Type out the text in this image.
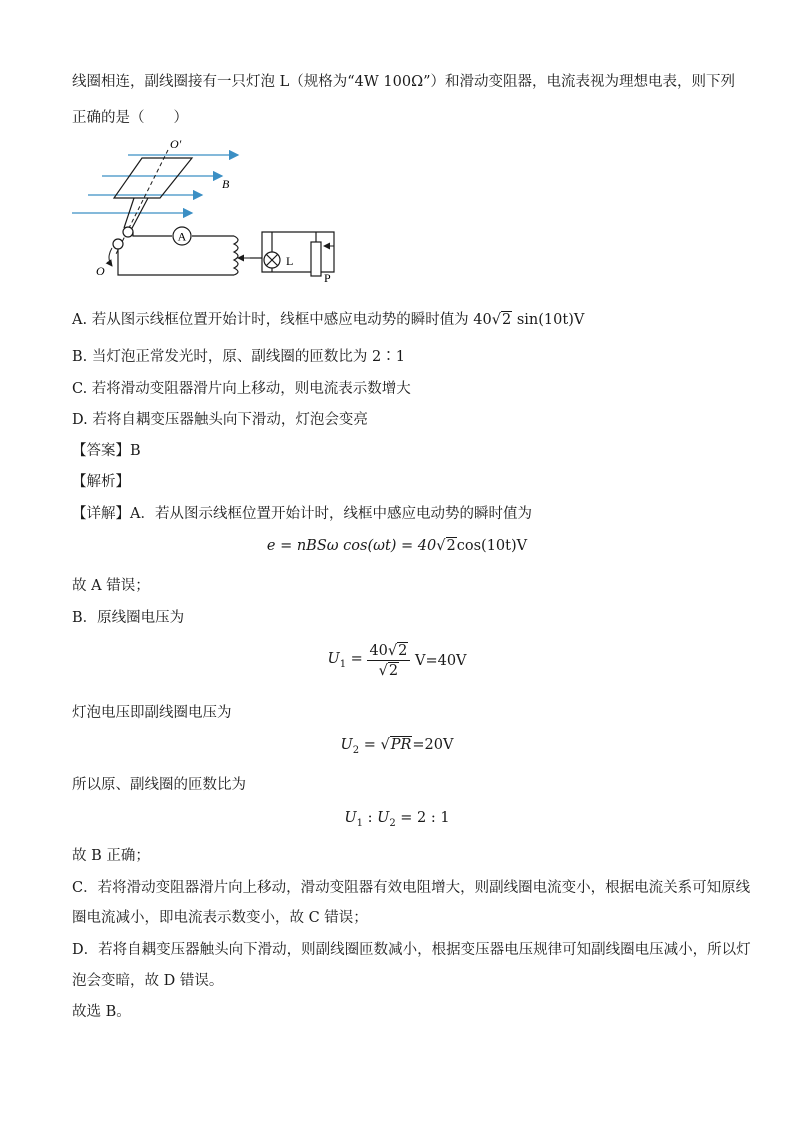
线圈相连，副线圈接有一只灯泡 L（规格为“4W 100Ω”）和滑动变阻器，电流表视为理想电表，则下列
正确的是（　　）
A
L
P
O′
B
O
A. 若从图示线框位置开始计时，线框中感应电动势的瞬时值为 40√2 sin(10t)V
B. 当灯泡正常发光时，原、副线圈的匝数比为 2∶1
C. 若将滑动变阻器滑片向上移动，则电流表示数增大
D. 若将自耦变压器触头向下滑动，灯泡会变亮
【答案】B
【解析】
【详解】A．若从图示线框位置开始计时，线框中感应电动势的瞬时值为
e = nBSω cos(ωt) = 40√2cos(10t)V
故 A 错误；
B．原线圈电压为
$U_1 = \frac{40√2}{√2} V=40V$
灯泡电压即副线圈电压为
$U_2 = √PR=20V$
所以原、副线圈的匝数比为
$U_1$ : $U_2 = 2$ : 1
故 B 正确；
C．若将滑动变阻器滑片向上移动，滑动变阻器有效电阻增大，则副线圈电流变小，根据电流关系可知原线
圈电流减小，即电流表示数变小，故 C 错误；
D．若将自耦变压器触头向下滑动，则副线圈匝数减小，根据变压器电压规律可知副线圈电压减小，所以灯
泡会变暗，故 D 错误。
故选 B。
